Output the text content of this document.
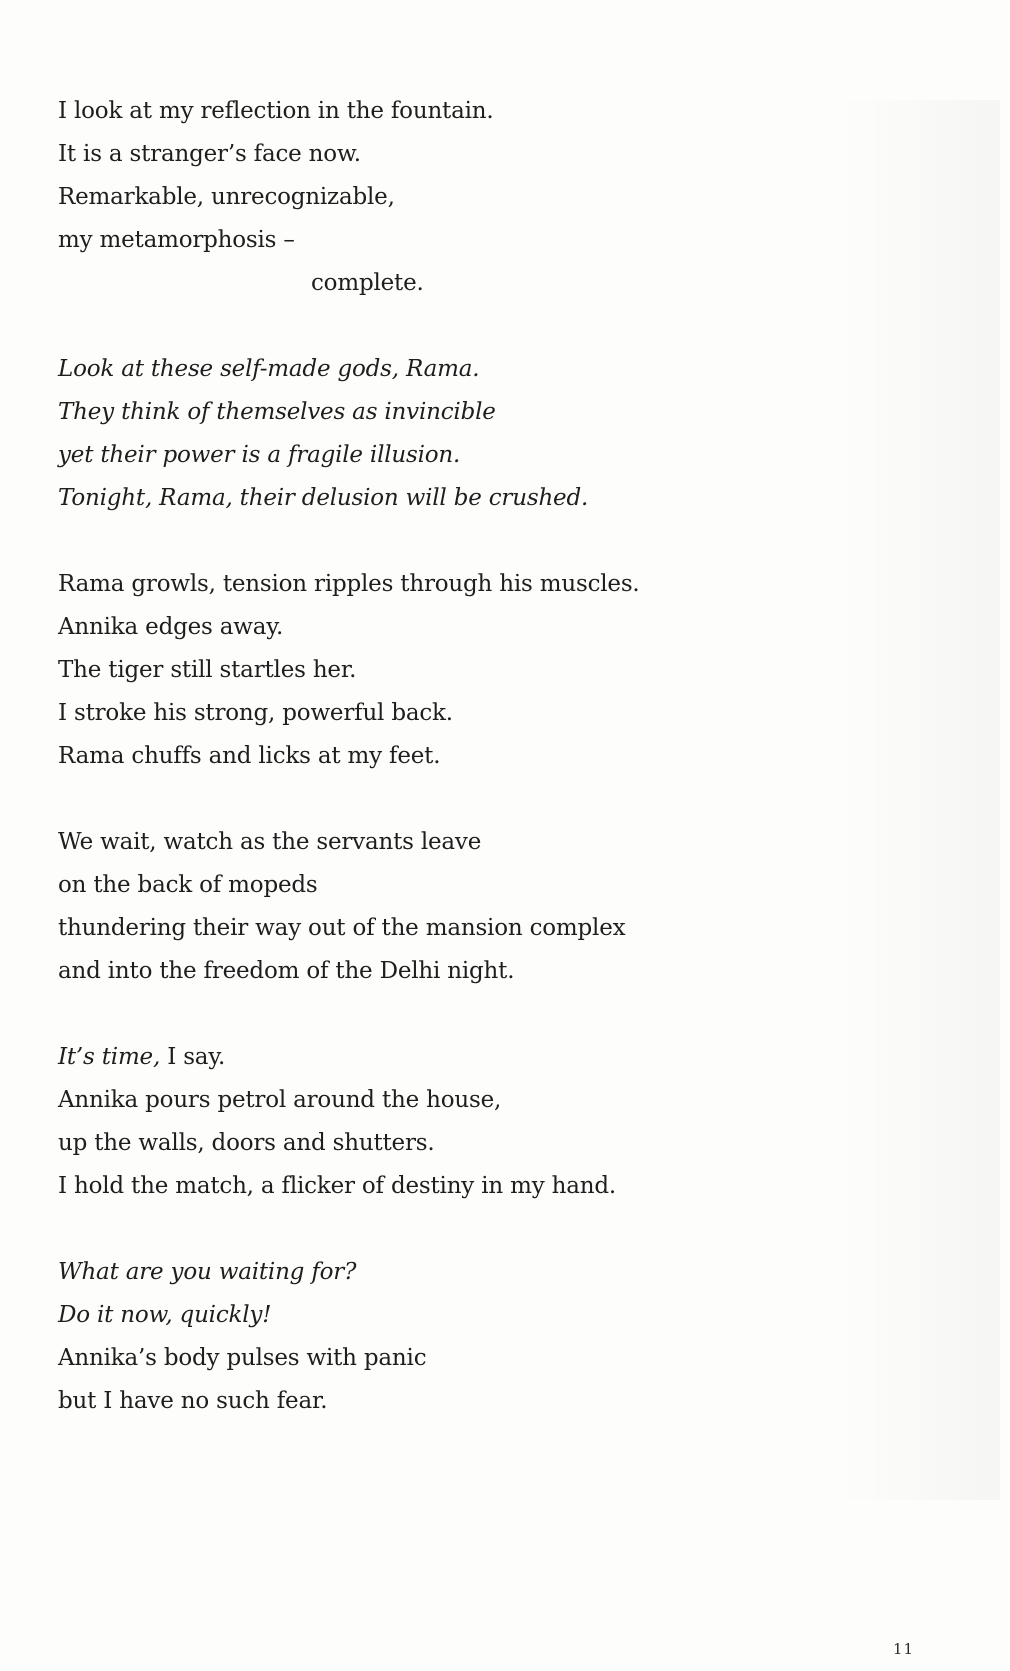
I look at my reflection in the fountain.
It is a stranger’s face now.
Remarkable, unrecognizable,
my metamorphosis –
complete.
Look at these self-made gods, Rama.
They think of themselves as invincible
yet their power is a fragile illusion.
Tonight, Rama, their delusion will be crushed.
Rama growls, tension ripples through his muscles.
Annika edges away.
The tiger still startles her.
I stroke his strong, powerful back.
Rama chuffs and licks at my feet.
We wait, watch as the servants leave
on the back of mopeds
thundering their way out of the mansion complex
and into the freedom of the Delhi night.
It’s time, I say.
Annika pours petrol around the house,
up the walls, doors and shutters.
I hold the match, a flicker of destiny in my hand.
What are you waiting for?
Do it now, quickly!
Annika’s body pulses with panic
but I have no such fear.
11
